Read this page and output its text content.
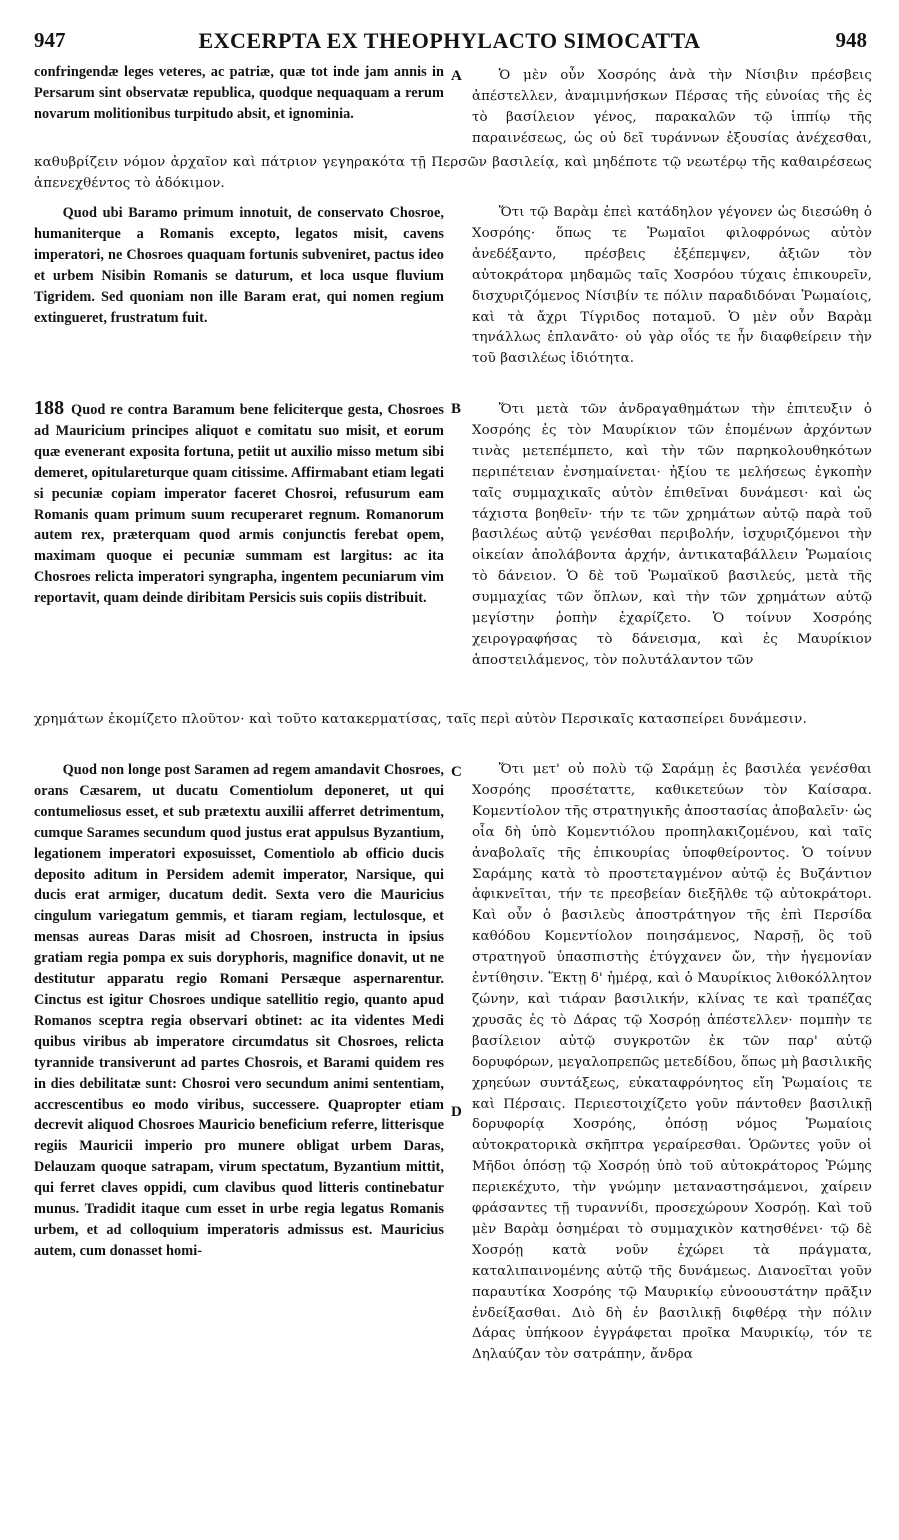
947	EXCERPTA EX THEOPHYLACTO SIMOCATTA	948

confringendæ leges veteres, ac patriæ, quæ tot inde jam annis in Persarum sint observatæ republica, quodque nequaquam a rerum novarum molitionibus turpitudo absit, et ignominia.

A	Ὁ μὲν οὖν Χοσρόης ἀνὰ τὴν Νίσιβιν πρέσβεις ἀπέστελλεν, ἀναμιμνήσκων Πέρσας τῆς εὐνοίας τῆς ἐς τὸ βασίλειον γένος, παρακαλῶν τῷ ἱππίῳ τῆς παραινέσεως, ὡς οὐ δεῖ τυράννων ἐξουσίας ἀνέχεσθαι,

καθυβρίζειν νόμον ἀρχαῖον καὶ πάτριον γεγηρακότα τῇ Περσῶν βασιλείᾳ, καὶ μηδέποτε τῷ νεωτέρῳ τῆς καθαιρέσεως ἀπενεχθέντος τὸ ἀδόκιμον.

Quod ubi Baramo primum innotuit, de conservato Chosroe, humaniterque a Romanis excepto, legatos misit, cavens imperatori, ne Chosroes quaquam fortunis subveniret, pactus ideo et urbem Nisibin Romanis se daturum, et loca usque fluvium Tigridem. Sed quoniam non ille Baram erat, qui nomen regium extingueret, frustratum fuit.

Ὅτι τῷ Βαρὰμ ἐπεὶ κατάδηλον γέγονεν ὡς διεσώθη ὁ Χοσρόης· ὅπως τε Ῥωμαῖοι φιλοφρόνως αὐτὸν ἀνεδέξαντο, πρέσβεις ἐξέπεμψεν, ἀξιῶν τὸν αὐτοκράτορα μηδαμῶς ταῖς Χοσρόου τύχαις ἐπικουρεῖν, δισχυριζόμενος Νίσιβίν τε πόλιν παραδιδόναι Ῥωμαίοις, καὶ τὰ ἄχρι Τίγριδος ποταμοῦ. Ὁ μὲν οὖν Βαρὰμ τηνάλλως ἐπλανᾶτο· οὐ γὰρ οἷός τε ἦν διαφθείρειν τὴν τοῦ βασιλέως ἰδιότητα.

188 Quod re contra Baramum bene feliciterque gesta, Chosroes ad Mauricium principes aliquot e comitatu suo misit, et eorum quæ evenerant exposita fortuna, petiit ut auxilio misso metum sibi demeret, opitulareturque quam citissime. Affirmabant etiam legati si pecuniæ copiam imperator faceret Chosroi, refusurum eam Romanis quam primum suum recuperaret regnum. Romanorum autem rex, præterquam quod armis conjunctis ferebat opem, maximam quoque ei pecuniæ summam est largitus: ac ita Chosroes relicta imperatori syngrapha, ingentem pecuniarum vim reportavit, quam deinde diribitam Persicis suis copiis distribuit.

B	Ὅτι μετὰ τῶν ἀνδραγαθημάτων τὴν ἐπιτευξιν ὁ Χοσρόης ἐς τὸν Μαυρίκιον τῶν ἑπομένων ἀρχόντων τινὰς μετεπέμπετο, καὶ τὴν τῶν παρηκολουθηκότων περιπέτειαν ἐνσημαίνεται· ἠξίου τε μελήσεως ἐγκοπὴν ταῖς συμμαχικαῖς αὐτὸν ἐπιθεῖναι δυνάμεσι· καὶ ὡς τάχιστα βοηθεῖν· τήν τε τῶν χρημάτων αὐτῷ παρὰ τοῦ βασιλέως αὐτῷ γενέσθαι περιβολήν, ἰσχυριζόμενοι τὴν οἰκείαν ἀπολάβοντα ἀρχήν, ἀντικαταβάλλειν Ῥωμαίοις τὸ δάνειον. Ὁ δὲ τοῦ Ῥωμαϊκοῦ βασιλεύς, μετὰ τῆς συμμαχίας τῶν ὅπλων, καὶ τὴν τῶν χρημάτων αὐτῷ μεγίστην ῥοπὴν ἐχαρίζετο. Ὁ τοίνυν Χοσρόης χειρογραφήσας τὸ δάνεισμα, καὶ ἐς Μαυρίκιον ἀποστειλάμενος, τὸν πολυτάλαντον τῶν

χρημάτων ἐκομίζετο πλοῦτον· καὶ τοῦτο κατακερματίσας, ταῖς περὶ αὐτὸν Περσικαῖς κατασπείρει δυνάμεσιν.

Quod non longe post Saramen ad regem amandavit Chosroes, orans Cæsarem, ut ducatu Comentiolum deponeret, ut qui contumeliosus esset, et sub prætextu auxilii afferret detrimentum, cumque Sarames secundum quod justus erat appulsus Byzantium, legationem imperatori exposuisset, Comentiolo ab officio ducis deposito aditum in Persidem ademit imperator, Narsique, qui ducis erat armiger, ducatum dedit. Sexta vero die Mauricius cingulum variegatum gemmis, et tiaram regiam, lectulosque, et mensas aureas Daras misit ad Chosroen, instructa in ipsius gratiam regia pompa ex suis doryphoris, magnifice donavit, ut ne destitutur apparatu regio Romani Persæque aspernarentur. Cinctus est igitur Chosroes undique satellitio regio, quanto apud Romanos sceptra regia observari obtinet: ac ita videntes Medi quibus viribus ab imperatore circumdatus sit Chosroes, relicta tyrannide transiverunt ad partes Chosrois, et Barami quidem res in dies debilitatæ sunt: Chosroi vero secundum animi sententiam, accrescentibus eo modo viribus, successere. Quapropter etiam decrevit aliquod Chosroes Mauricio beneficium referre, litterisque regiis Mauricii imperio pro munere obligat urbem Daras, Delauzam quoque satrapam, virum spectatum, Byzantium mittit, qui ferret claves oppidi, cum clavibus quod litteris continebatur munus. Tradidit itaque cum esset in urbe regia legatus Romanis urbem, et ad colloquium imperatoris admissus est. Mauricius autem, cum donasset homi-

C
D

Ὅτι μετ' οὐ πολὺ τῷ Σαράμῃ ἐς βασιλέα γενέσθαι Χοσρόης προσέταττε, καθικετεύων τὸν Καίσαρα. Κομεντίολον τῆς στρατηγικῆς ἀποστασίας ἀποβαλεῖν· ὡς οἷα δὴ ὑπὸ Κομεντιόλου προπηλακιζομένου, καὶ ταῖς ἀναβολαῖς τῆς ἐπικουρίας ὑποφθείροντος. Ὁ τοίνυν Σαράμης κατὰ τὸ προστεταγμένον αὐτῷ ἐς Βυζάντιον ἀφικνεῖται, τήν τε πρεσβείαν διεξῆλθε τῷ αὐτοκράτορι. Καὶ οὖν ὁ βασιλεὺς ἀποστράτηγον τῆς ἐπὶ Περσίδα καθόδου Κομεντίολον ποιησάμενος, Ναρσῇ, ὃς τοῦ στρατηγοῦ ὑπασπιστὴς ἐτύγχανεν ὤν, τὴν ἡγεμονίαν ἐντίθησιν. Ἕκτῃ δ' ἡμέρᾳ, καὶ ὁ Μαυρίκιος λιθοκόλλητον ζώνην, καὶ τιάραν βασιλικήν, κλίνας τε καὶ τραπέζας χρυσᾶς ἐς τὸ Δάρας τῷ Χοσρόῃ ἀπέστελλεν· πομπὴν τε βασίλειον αὐτῷ συγκροτῶν ἐκ τῶν παρ' αὐτῷ δορυφόρων, μεγαλοπρεπῶς μετεδίδου, ὅπως μὴ βασιλικῆς χρηεύων συντάξεως, εὐκαταφρόνητος εἴη Ῥωμαίοις τε καὶ Πέρσαις. Περιεστοιχίζετο γοῦν πάντοθεν βασιλικῇ δορυφορίᾳ Χοσρόης, ὁπόσῃ νόμος Ῥωμαίοις αὐτοκρατορικὰ σκῆπτρα γεραίρεσθαι. Ὁρῶντες γοῦν οἱ Μῆδοι ὁπόσῃ τῷ Χοσρόῃ ὑπὸ τοῦ αὐτοκράτορος Ῥώμης περιεκέχυτο, τὴν γνώμην μεταναστησάμενοι, χαίρειν φράσαντες τῇ τυραννίδι, προσεχώρουν Χοσρόῃ. Καὶ τοῦ μὲν Βαρὰμ ὁσημέραι τὸ συμμαχικὸν κατησθένει· τῷ δὲ Χοσρόῃ κατὰ νοῦν ἐχώρει τὰ πράγματα, καταλιπαινομένης αὐτῷ τῆς δυνάμεως. Διανοεῖται γοῦν παραυτίκα Χοσρόης τῷ Μαυρικίῳ εὐνοουστάτην πρᾶξιν ἐνδείξασθαι. Διὸ δὴ ἐν βασιλικῇ διφθέρᾳ τὴν πόλιν Δάρας ὑπήκοον ἐγγράφεται προῖκα Μαυρικίῳ, τόν τε Δηλαύζαν τὸν σατράπην, ἄνδρα
